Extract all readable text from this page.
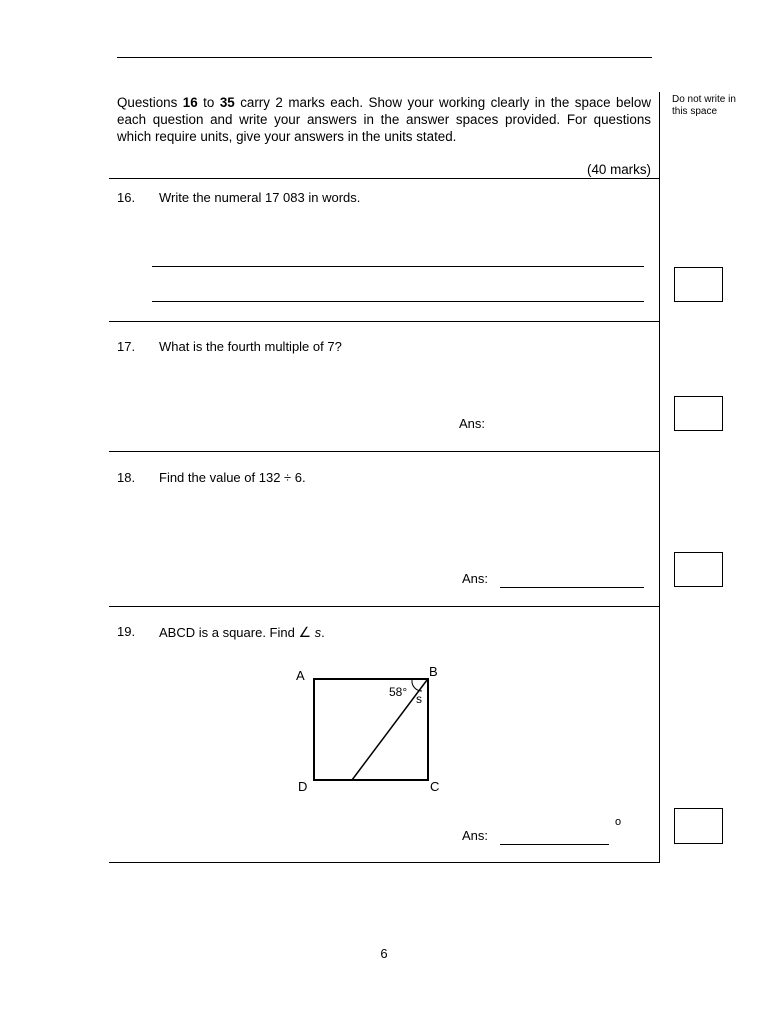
Questions 16 to 35 carry 2 marks each. Show your working clearly in the space below each question and write your answers in the answer spaces provided. For questions which require units, give your answers in the units stated.
(40 marks)
Do not write in this space
16. Write the numeral 17 083 in words.
17. What is the fourth multiple of 7?
Ans:
18. Find the value of 132 ÷ 6.
Ans:
19. ABCD is a square. Find ∠ s.
A	B
C
D
58° s
Ans:
o
6
